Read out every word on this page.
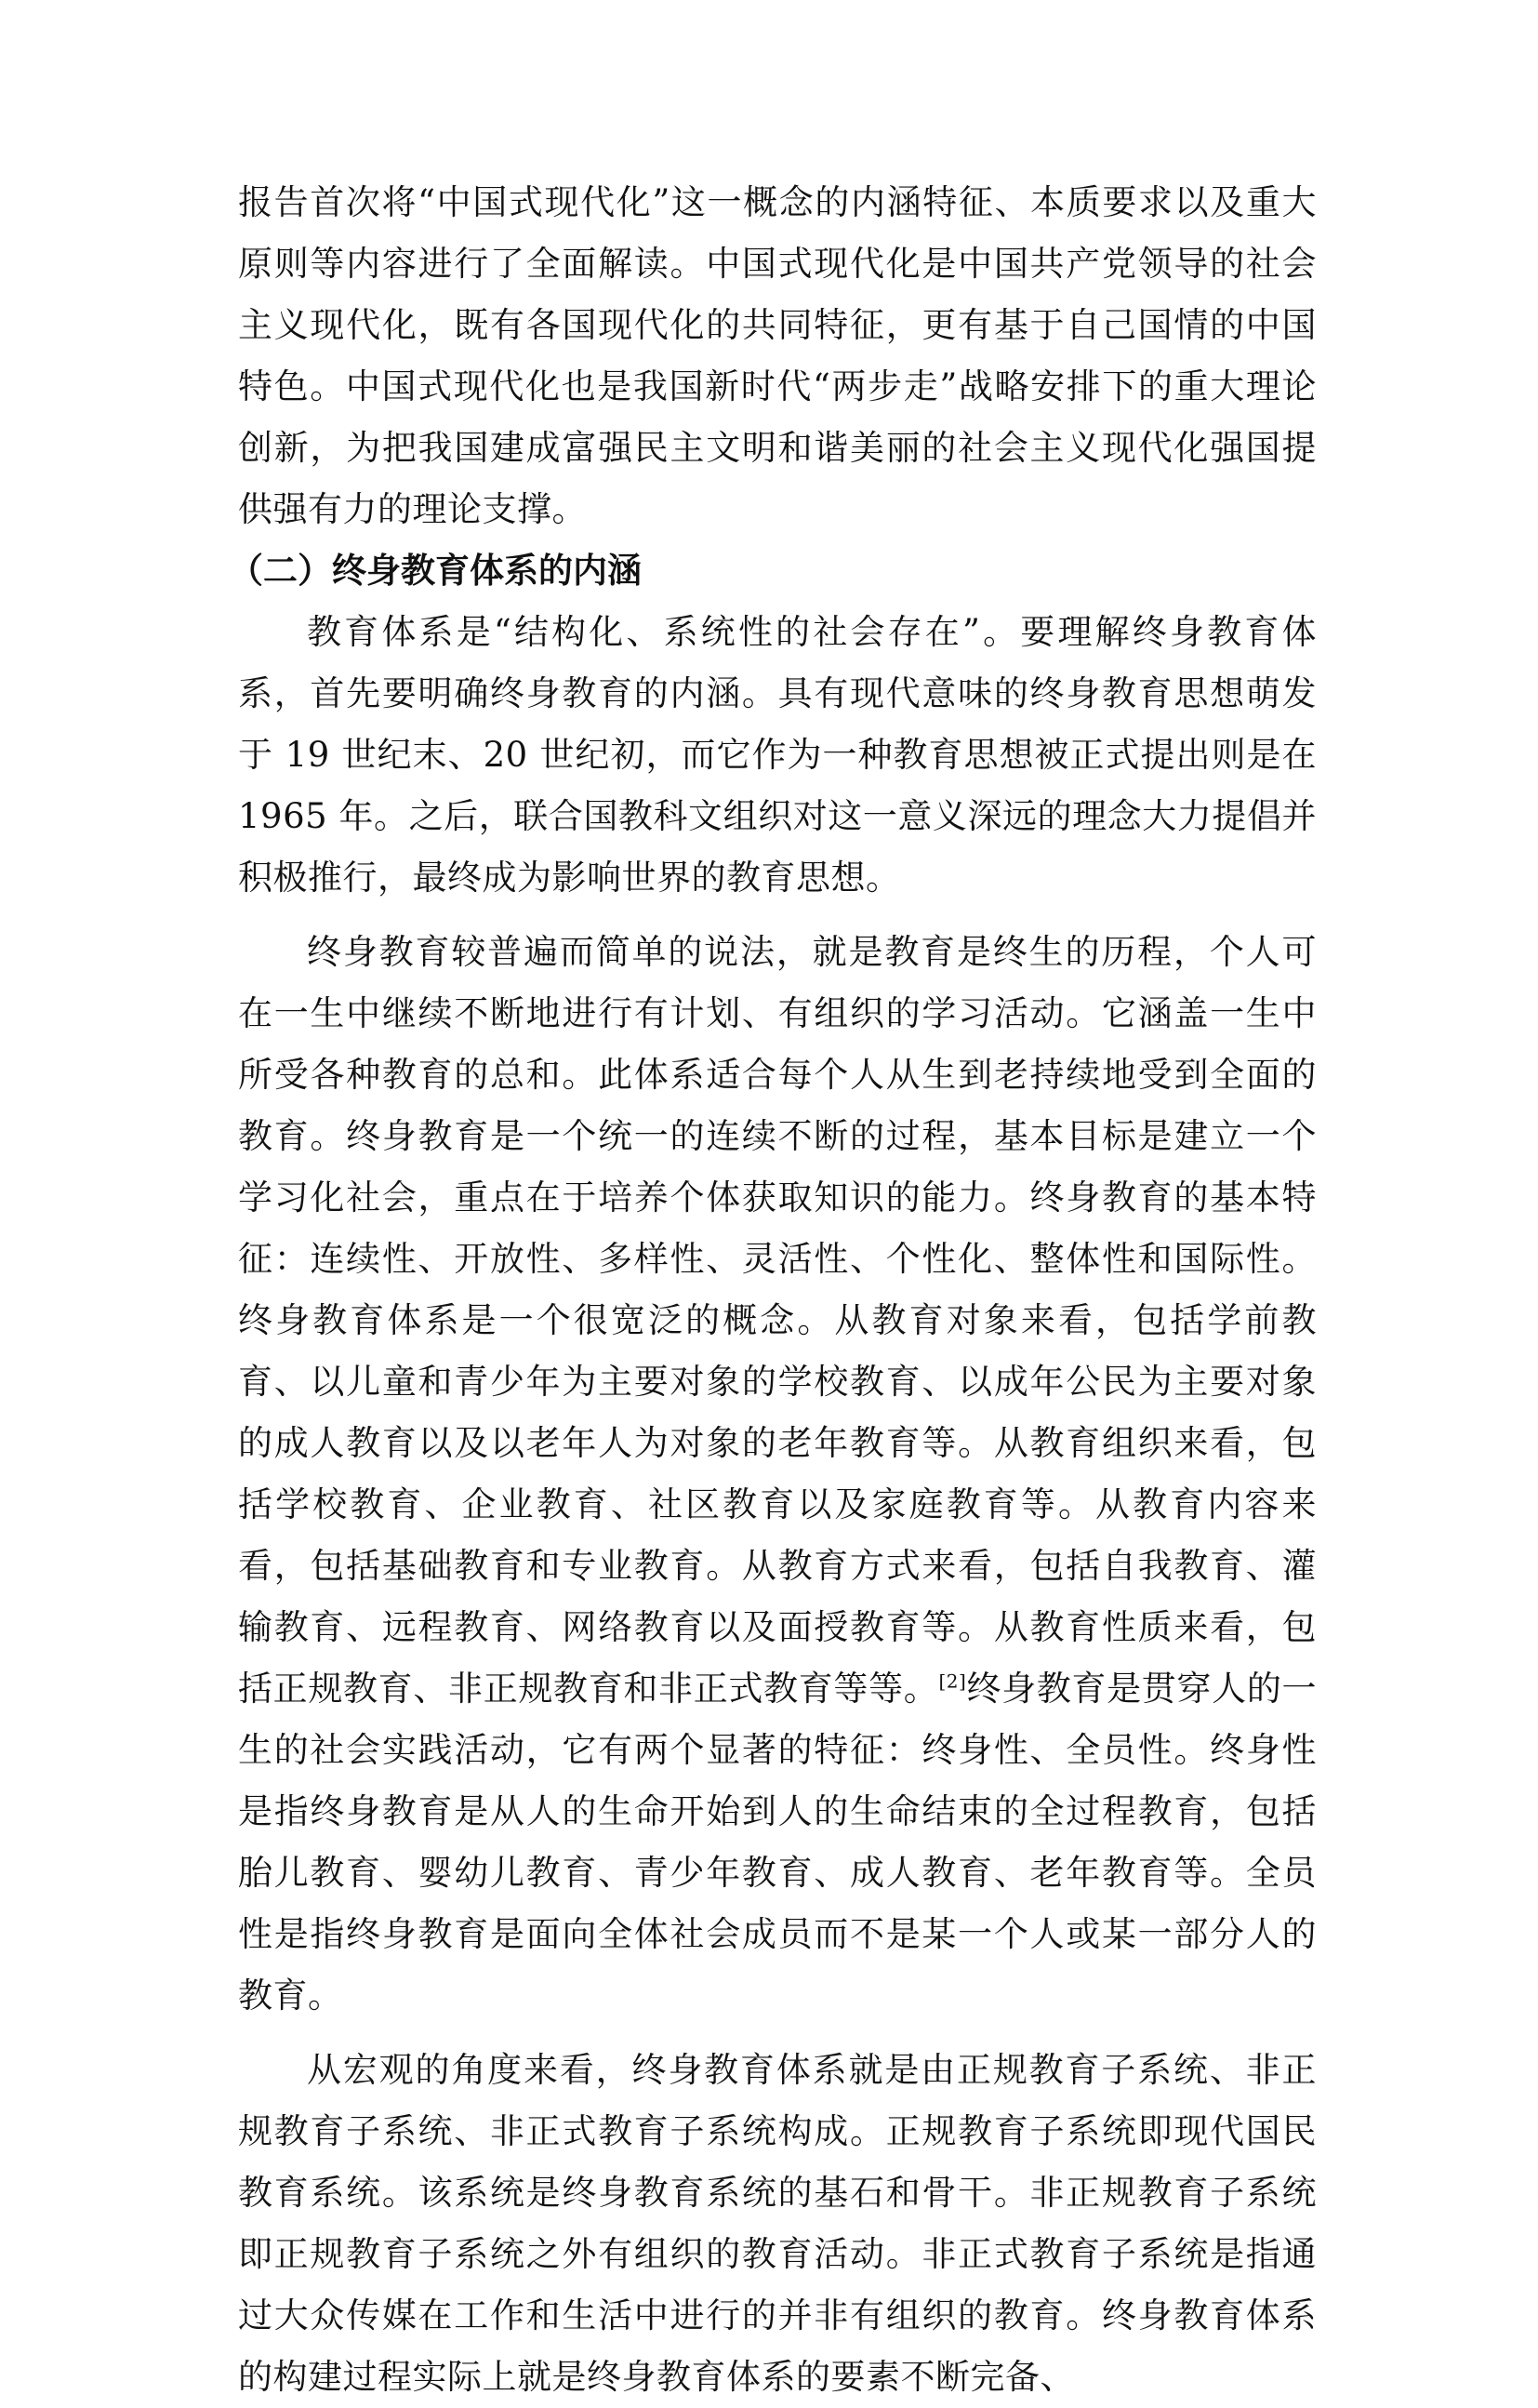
报告首次将“中国式现代化”这一概念的内涵特征、本质要求以及重大原则等内容进行了全面解读。中国式现代化是中国共产党领导的社会主义现代化，既有各国现代化的共同特征，更有基于自己国情的中国特色。中国式现代化也是我国新时代“两步走”战略安排下的重大理论创新，为把我国建成富强民主文明和谐美丽的社会主义现代化强国提供强有力的理论支撑。

（二）终身教育体系的内涵

教育体系是“结构化、系统性的社会存在”。要理解终身教育体系，首先要明确终身教育的内涵。具有现代意味的终身教育思想萌发于 19 世纪末、20 世纪初，而它作为一种教育思想被正式提出则是在 1965 年。之后，联合国教科文组织对这一意义深远的理念大力提倡并积极推行，最终成为影响世界的教育思想。

终身教育较普遍而简单的说法，就是教育是终生的历程，个人可在一生中继续不断地进行有计划、有组织的学习活动。它涵盖一生中所受各种教育的总和。此体系适合每个人从生到老持续地受到全面的教育。终身教育是一个统一的连续不断的过程，基本目标是建立一个学习化社会，重点在于培养个体获取知识的能力。终身教育的基本特征：连续性、开放性、多样性、灵活性、个性化、整体性和国际性。终身教育体系是一个很宽泛的概念。从教育对象来看，包括学前教育、以儿童和青少年为主要对象的学校教育、以成年公民为主要对象的成人教育以及以老年人为对象的老年教育等。从教育组织来看，包括学校教育、企业教育、社区教育以及家庭教育等。从教育内容来看，包括基础教育和专业教育。从教育方式来看，包括自我教育、灌输教育、远程教育、网络教育以及面授教育等。从教育性质来看，包括正规教育、非正规教育和非正式教育等等。[2]终身教育是贯穿人的一生的社会实践活动，它有两个显著的特征：终身性、全员性。终身性是指终身教育是从人的生命开始到人的生命结束的全过程教育，包括胎儿教育、婴幼儿教育、青少年教育、成人教育、老年教育等。全员性是指终身教育是面向全体社会成员而不是某一个人或某一部分人的教育。

从宏观的角度来看，终身教育体系就是由正规教育子系统、非正规教育子系统、非正式教育子系统构成。正规教育子系统即现代国民教育系统。该系统是终身教育系统的基石和骨干。非正规教育子系统即正规教育子系统之外有组织的教育活动。非正式教育子系统是指通过大众传媒在工作和生活中进行的并非有组织的教育。终身教育体系的构建过程实际上就是终身教育体系的要素不断完备、
